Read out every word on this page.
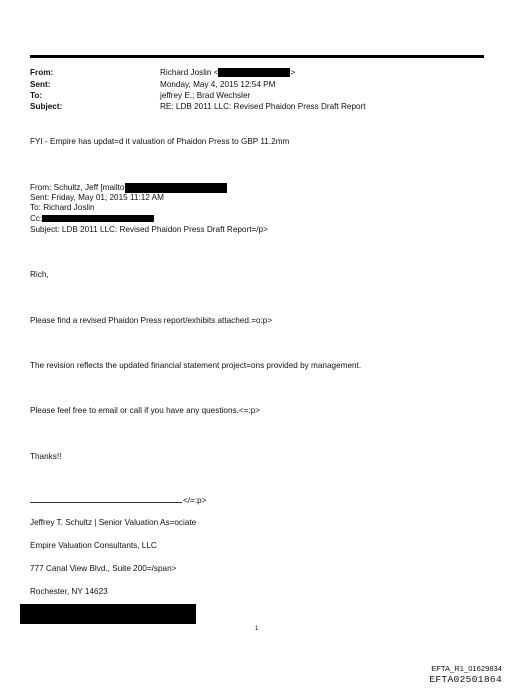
From:
Sent:
To:
Subject:
Richard Joslin <	>
Monday, May 4, 2015 12:54 PM
jeffrey E.; Brad Wechsler
RE: LDB 2011 LLC: Revised Phaidon Press Draft Report
FYI - Empire has updat=d it valuation of Phaidon Press to GBP 11.2mm
From: Schultz, Jeff [mailto
Sent: Friday, May 01, 2015 11:12 AM
To: Richard Joslin
Cc:
Subject: LDB 2011 LLC: Revised Phaidon Press Draft Report=/p>
Rich,
Please find a revised Phaidon Press report/exhibits attached.=o:p>
The revision reflects the updated financial statement project=ons provided by management.
Please feel free to email or call if you have any questions.<=:p>
Thanks!!
</=:p>
Jeffrey T. Schultz | Senior Valuation As=ociate
Empire Valuation Consultants, LLC
777 Canal View Blvd., Suite 200=/span>
Rochester, NY 14623
1
EFTA_R1_01629834
EFTA02501864
